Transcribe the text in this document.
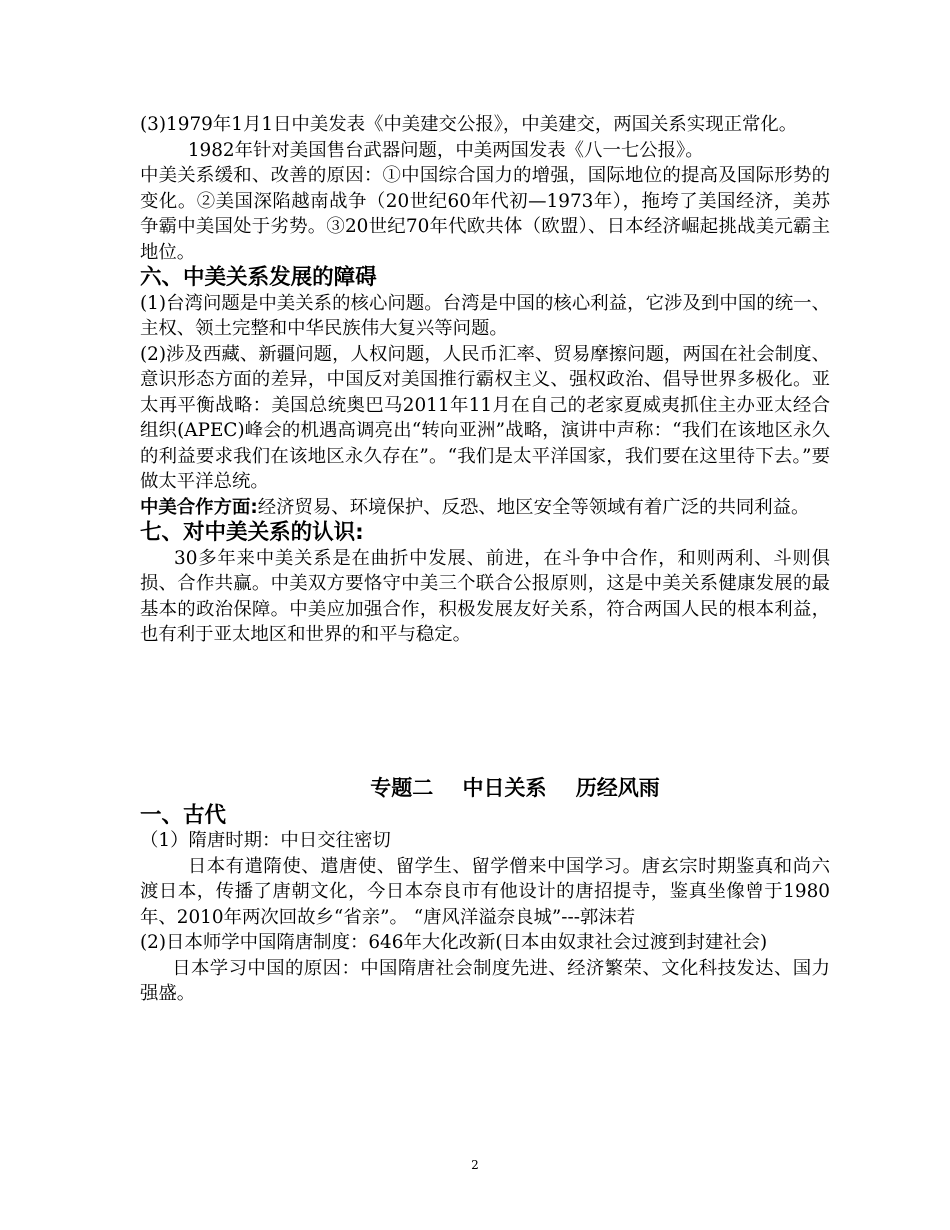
(3)1979年1月1日中美发表《中美建交公报》，中美建交，两国关系实现正常化。

1982年针对美国售台武器问题，中美两国发表《八一七公报》。

中美关系缓和、改善的原因：①中国综合国力的增强，国际地位的提高及国际形势的变化。②美国深陷越南战争（20世纪60年代初—1973年），拖垮了美国经济，美苏争霸中美国处于劣势。③20世纪70年代欧共体（欧盟）、日本经济崛起挑战美元霸主地位。

六、中美关系发展的障碍

(1)台湾问题是中美关系的核心问题。台湾是中国的核心利益，它涉及到中国的统一、主权、领土完整和中华民族伟大复兴等问题。

(2)涉及西藏、新疆问题，人权问题，人民币汇率、贸易摩擦问题，两国在社会制度、意识形态方面的差异，中国反对美国推行霸权主义、强权政治、倡导世界多极化。亚太再平衡战略：美国总统奥巴马2011年11月在自己的老家夏威夷抓住主办亚太经合组织(APEC)峰会的机遇高调亮出“转向亚洲”战略，演讲中声称：“我们在该地区永久的利益要求我们在该地区永久存在”。“我们是太平洋国家，我们要在这里待下去。”要做太平洋总统。

中美合作方面:经济贸易、环境保护、反恐、地区安全等领域有着广泛的共同利益。

七、对中美关系的认识:

30多年来中美关系是在曲折中发展、前进，在斗争中合作，和则两利、斗则俱损、合作共赢。中美双方要恪守中美三个联合公报原则，这是中美关系健康发展的最基本的政治保障。中美应加强合作，积极发展友好关系，符合两国人民的根本利益，也有利于亚太地区和世界的和平与稳定。

专题二    中日关系    历经风雨
一、古代

（1）隋唐时期：中日交往密切

日本有遣隋使、遣唐使、留学生、留学僧来中国学习。唐玄宗时期鉴真和尚六渡日本，传播了唐朝文化，今日本奈良市有他设计的唐招提寺，鉴真坐像曾于1980年、2010年两次回故乡“省亲”。 “唐风洋溢奈良城”---郭沫若

(2)日本师学中国隋唐制度：646年大化改新(日本由奴隶社会过渡到封建社会)

日本学习中国的原因：中国隋唐社会制度先进、经济繁荣、文化科技发达、国力强盛。

2
